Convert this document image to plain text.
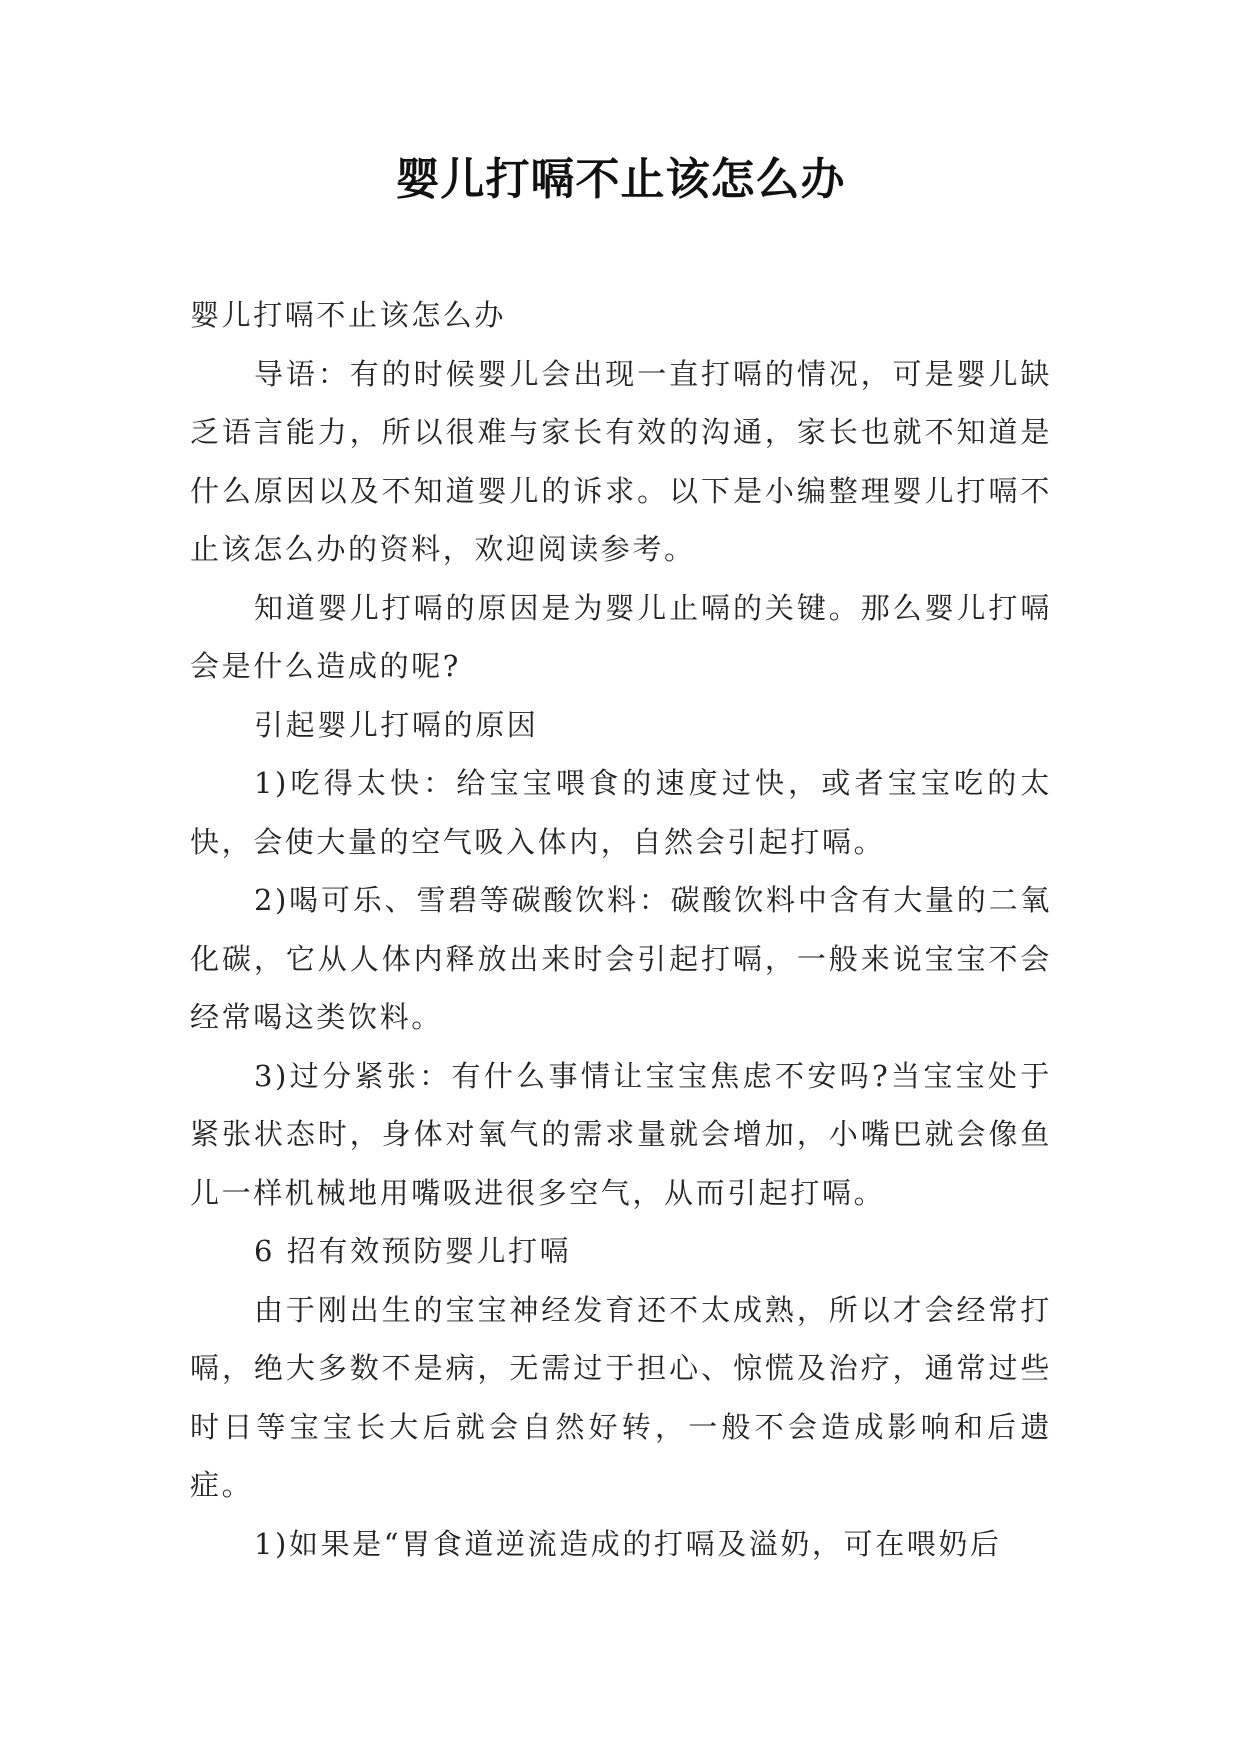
婴儿打嗝不止该怎么办

婴儿打嗝不止该怎么办

导语：有的时候婴儿会出现一直打嗝的情况，可是婴儿缺乏语言能力，所以很难与家长有效的沟通，家长也就不知道是什么原因以及不知道婴儿的诉求。以下是小编整理婴儿打嗝不止该怎么办的资料，欢迎阅读参考。

知道婴儿打嗝的原因是为婴儿止嗝的关键。那么婴儿打嗝会是什么造成的呢?

引起婴儿打嗝的原因

1)吃得太快：给宝宝喂食的速度过快，或者宝宝吃的太快，会使大量的空气吸入体内，自然会引起打嗝。

2)喝可乐、雪碧等碳酸饮料：碳酸饮料中含有大量的二氧化碳，它从人体内释放出来时会引起打嗝，一般来说宝宝不会经常喝这类饮料。

3)过分紧张：有什么事情让宝宝焦虑不安吗?当宝宝处于紧张状态时，身体对氧气的需求量就会增加，小嘴巴就会像鱼儿一样机械地用嘴吸进很多空气，从而引起打嗝。

6 招有效预防婴儿打嗝

由于刚出生的宝宝神经发育还不太成熟，所以才会经常打嗝，绝大多数不是病，无需过于担心、惊慌及治疗，通常过些时日等宝宝长大后就会自然好转，一般不会造成影响和后遗症。

1)如果是“胃食道逆流造成的打嗝及溢奶，可在喂奶后
